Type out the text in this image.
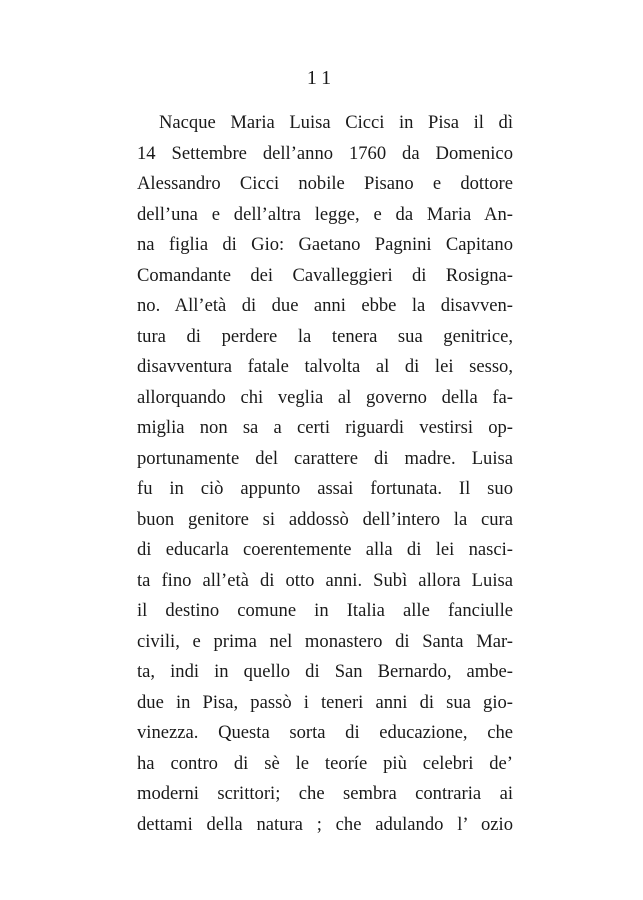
11
Nacque Maria Luisa Cicci in Pisa il dì
14 Settembre dell’anno 1760 da Domenico
Alessandro Cicci nobile Pisano e dottore
dell’una e dell’altra legge, e da Maria An-
na figlia di Gio: Gaetano Pagnini Capitano
Comandante dei Cavalleggieri di Rosigna-
no. All’età di due anni ebbe la disavven-
tura di perdere la tenera sua genitrice,
disavventura fatale talvolta al di lei sesso,
allorquando chi veglia al governo della fa-
miglia non sa a certi riguardi vestirsi op-
portunamente del carattere di madre. Luisa
fu in ciò appunto assai fortunata. Il suo
buon genitore si addossò dell’intero la cura
di educarla coerentemente alla di lei nasci-
ta fino all’età di otto anni. Subì allora Luisa
il destino comune in Italia alle fanciulle
civili, e prima nel monastero di Santa Mar-
ta, indi in quello di San Bernardo, ambe-
due in Pisa, passò i teneri anni di sua gio-
vinezza. Questa sorta di educazione, che
ha contro di sè le teoríe più celebri de’
moderni scrittori; che sembra contraria ai
dettami della natura ; che adulando l’ ozio
